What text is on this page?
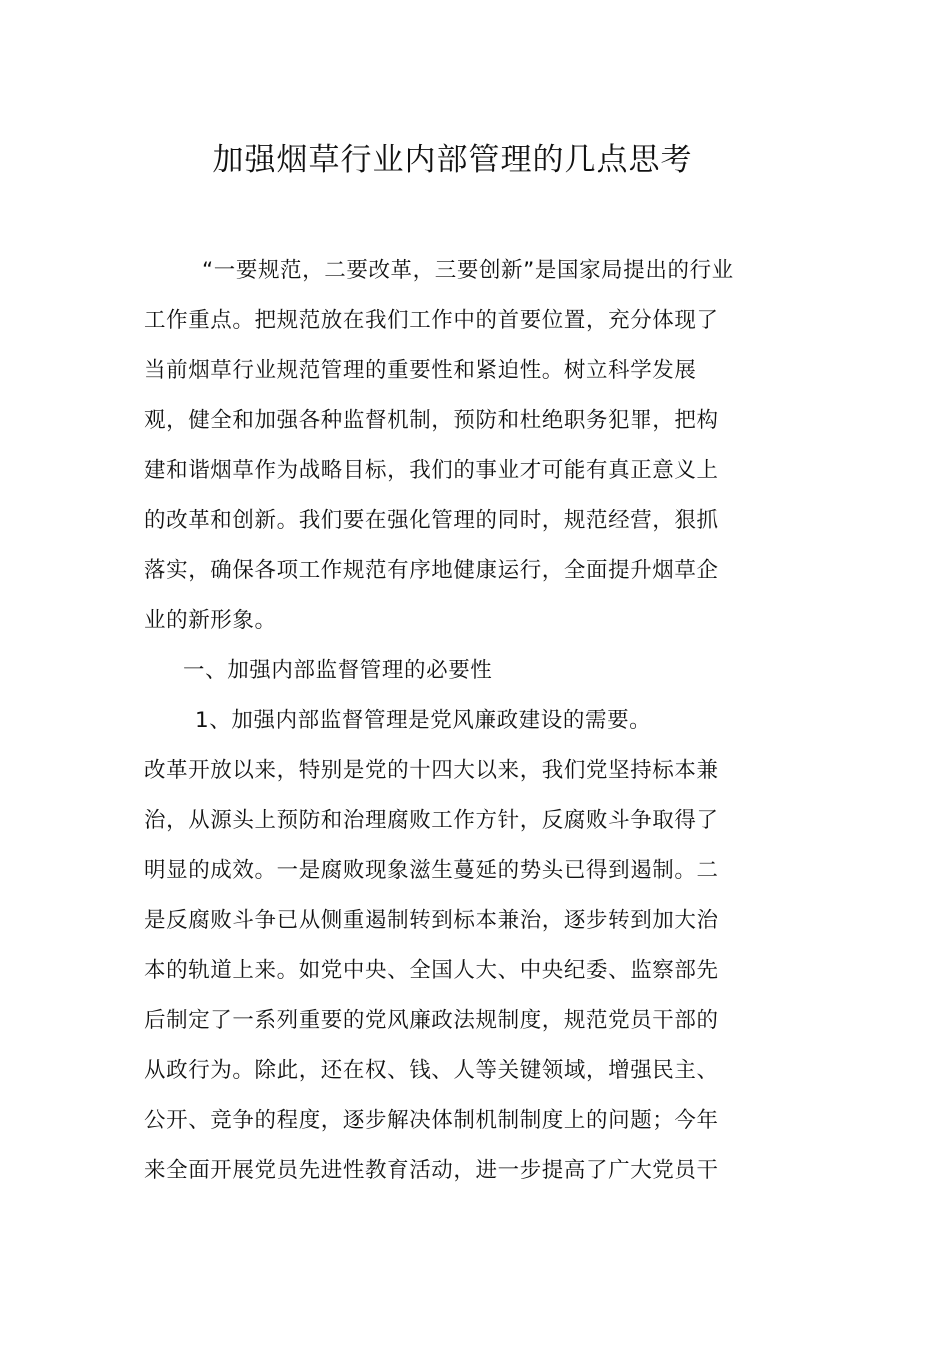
加强烟草行业内部管理的几点思考

“一要规范，二要改革，三要创新”是国家局提出的行业

工作重点。把规范放在我们工作中的首要位置，充分体现了

当前烟草行业规范管理的重要性和紧迫性。树立科学发展

观，健全和加强各种监督机制，预防和杜绝职务犯罪，把构

建和谐烟草作为战略目标，我们的事业才可能有真正意义上

的改革和创新。我们要在强化管理的同时，规范经营，狠抓

落实，确保各项工作规范有序地健康运行，全面提升烟草企

业的新形象。

一、加强内部监督管理的必要性

1、加强内部监督管理是党风廉政建设的需要。

改革开放以来，特别是党的十四大以来，我们党坚持标本兼

治，从源头上预防和治理腐败工作方针，反腐败斗争取得了

明显的成效。一是腐败现象滋生蔓延的势头已得到遏制。二

是反腐败斗争已从侧重遏制转到标本兼治，逐步转到加大治

本的轨道上来。如党中央、全国人大、中央纪委、监察部先

后制定了一系列重要的党风廉政法规制度，规范党员干部的

从政行为。除此，还在权、钱、人等关键领域，增强民主、

公开、竞争的程度，逐步解决体制机制制度上的问题；今年

来全面开展党员先进性教育活动，进一步提高了广大党员干
